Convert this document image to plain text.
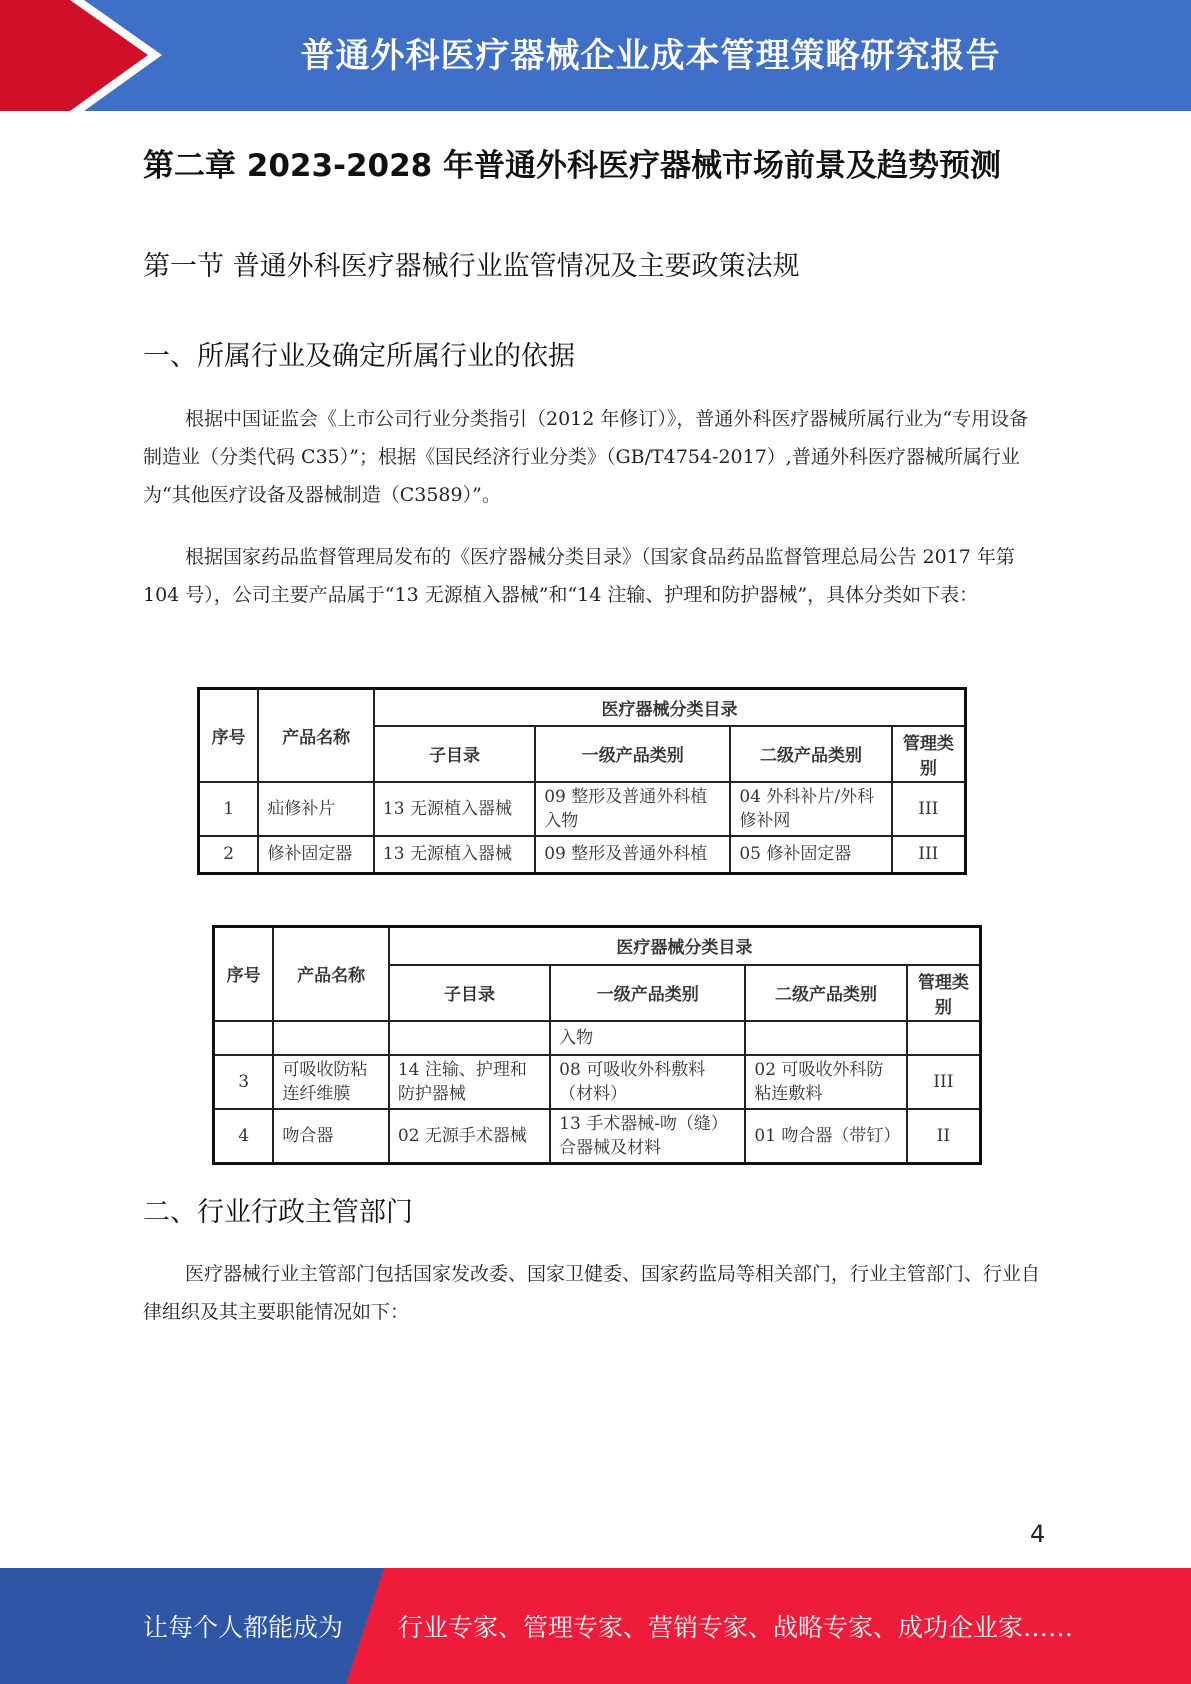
普通外科医疗器械企业成本管理策略研究报告
第二章 2023-2028 年普通外科医疗器械市场前景及趋势预测
第一节 普通外科医疗器械行业监管情况及主要政策法规
一、所属行业及确定所属行业的依据

根据中国证监会《上市公司行业分类指引（2012 年修订）》，普通外科医疗器械所属行业为“专用设备制造业（分类代码 C35）”；根据《国民经济行业分类》（GB/T4754-2017）,普通外科医疗器械所属行业为“其他医疗设备及器械制造（C3589）”。

根据国家药品监督管理局发布的《医疗器械分类目录》（国家食品药品监督管理总局公告 2017 年第 104 号），公司主要产品属于“13 无源植入器械”和“14 注输、护理和防护器械”，具体分类如下表：

序号	产品名称	医疗器械分类目录			
		子目录	一级产品类别	二级产品类别	管理类别
1	疝修补片	13 无源植入器械	09 整形及普通外科植入物	04 外科补片/外科修补网	III
2	修补固定器	13 无源植入器械	09 整形及普通外科植	05 修补固定器	III
序号	产品名称	医疗器械分类目录			
		子目录	一级产品类别	二级产品类别	管理类别
			入物		
3	可吸收防粘连纤维膜	14 注输、护理和防护器械	08 可吸收外科敷料（材料）	02 可吸收外科防粘连敷料	III
4	吻合器	02 无源手术器械	13 手术器械-吻（缝）合器械及材料	01 吻合器（带钉）	II
二、行业行政主管部门

医疗器械行业主管部门包括国家发改委、国家卫健委、国家药监局等相关部门，行业主管部门、行业自律组织及其主要职能情况如下：

4
让每个人都能成为 行业专家、管理专家、营销专家、战略专家、成功企业家……
